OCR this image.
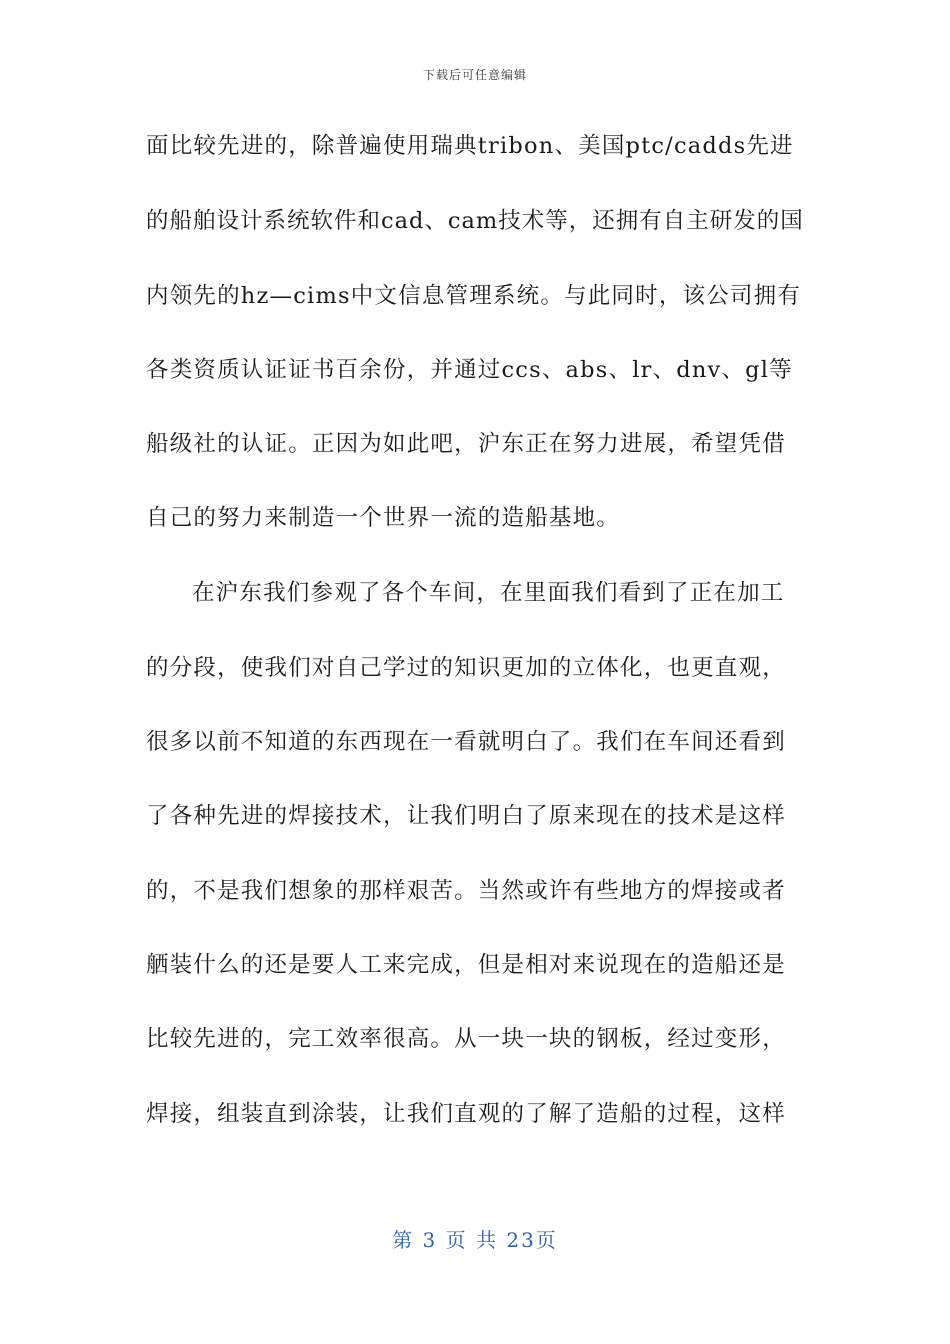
下载后可任意编辑
面比较先进的，除普遍使用瑞典tribon、美国ptc/cadds先进
的船舶设计系统软件和cad、cam技术等，还拥有自主研发的国
内领先的hz—cims中文信息管理系统。与此同时，该公司拥有
各类资质认证证书百余份，并通过ccs、abs、lr、dnv、gl等
船级社的认证。正因为如此吧，沪东正在努力进展，希望凭借
自己的努力来制造一个世界一流的造船基地。
在沪东我们参观了各个车间，在里面我们看到了正在加工
的分段，使我们对自己学过的知识更加的立体化，也更直观，
很多以前不知道的东西现在一看就明白了。我们在车间还看到
了各种先进的焊接技术，让我们明白了原来现在的技术是这样
的，不是我们想象的那样艰苦。当然或许有些地方的焊接或者
舾装什么的还是要人工来完成，但是相对来说现在的造船还是
比较先进的，完工效率很高。从一块一块的钢板，经过变形，
焊接，组装直到涂装，让我们直观的了解了造船的过程，这样
第 3 页 共 23页
